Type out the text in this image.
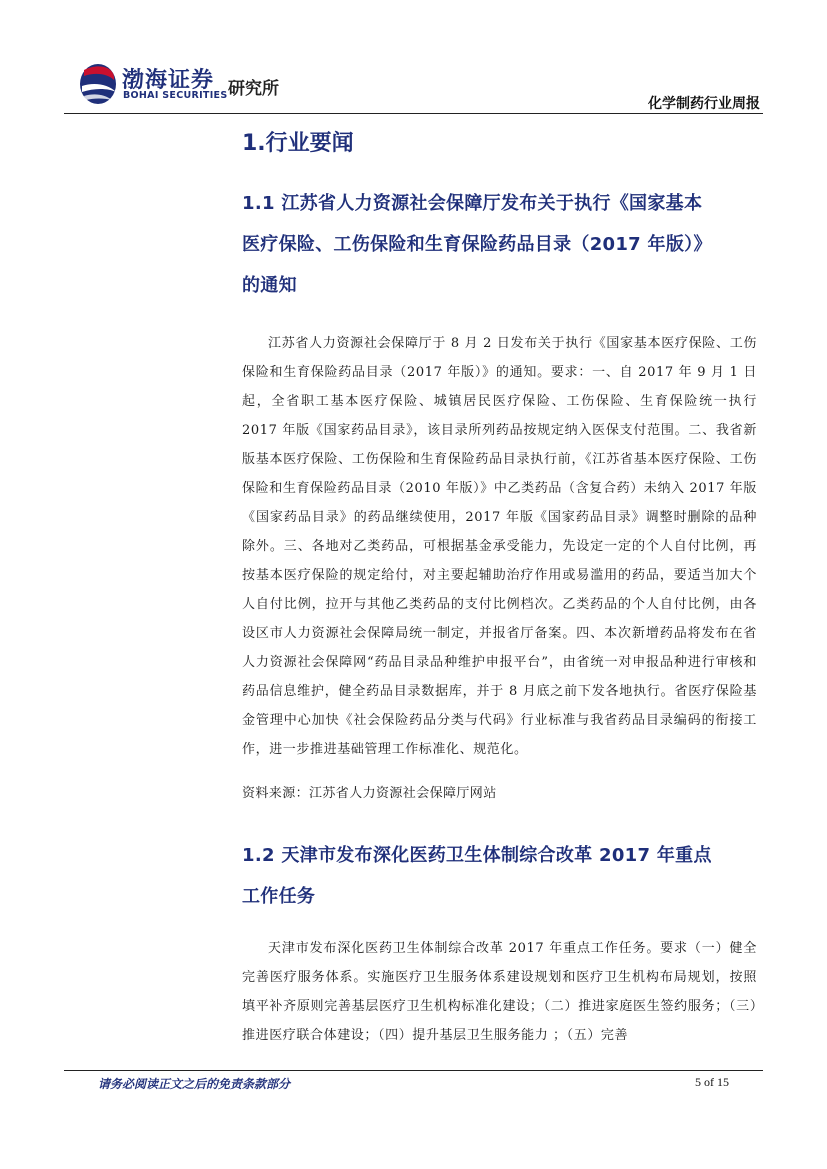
渤海证券
BOHAI SECURITIES 研究所
化学制药行业周报
1.行业要闻
1.1 江苏省人力资源社会保障厅发布关于执行《国家基本
医疗保险、工伤保险和生育保险药品目录（2017 年版）》
的通知
江苏省人力资源社会保障厅于 8 月 2 日发布关于执行《国家基本医疗保险、工伤保险和生育保险药品目录（2017 年版）》的通知。要求：一、自 2017 年 9 月 1 日起，全省职工基本医疗保险、城镇居民医疗保险、工伤保险、生育保险统一执行 2017 年版《国家药品目录》，该目录所列药品按规定纳入医保支付范围。二、我省新版基本医疗保险、工伤保险和生育保险药品目录执行前，《江苏省基本医疗保险、工伤保险和生育保险药品目录（2010 年版）》中乙类药品（含复合药）未纳入 2017 年版《国家药品目录》的药品继续使用，2017 年版《国家药品目录》调整时删除的品种除外。三、各地对乙类药品，可根据基金承受能力，先设定一定的个人自付比例，再按基本医疗保险的规定给付，对主要起辅助治疗作用或易滥用的药品，要适当加大个人自付比例，拉开与其他乙类药品的支付比例档次。乙类药品的个人自付比例，由各设区市人力资源社会保障局统一制定，并报省厅备案。四、本次新增药品将发布在省人力资源社会保障网“药品目录品种维护申报平台”，由省统一对申报品种进行审核和药品信息维护，健全药品目录数据库，并于 8 月底之前下发各地执行。省医疗保险基金管理中心加快《社会保险药品分类与代码》行业标准与我省药品目录编码的衔接工作，进一步推进基础管理工作标准化、规范化。
资料来源：江苏省人力资源社会保障厅网站
1.2 天津市发布深化医药卫生体制综合改革 2017 年重点
工作任务
天津市发布深化医药卫生体制综合改革 2017 年重点工作任务。要求（一）健全完善医疗服务体系。实施医疗卫生服务体系建设规划和医疗卫生机构布局规划，按照填平补齐原则完善基层医疗卫生机构标准化建设；（二）推进家庭医生签约服务；（三）推进医疗联合体建设；（四）提升基层卫生服务能力 ；（五）完善
请务必阅读正文之后的免责条款部分	5 of 15
